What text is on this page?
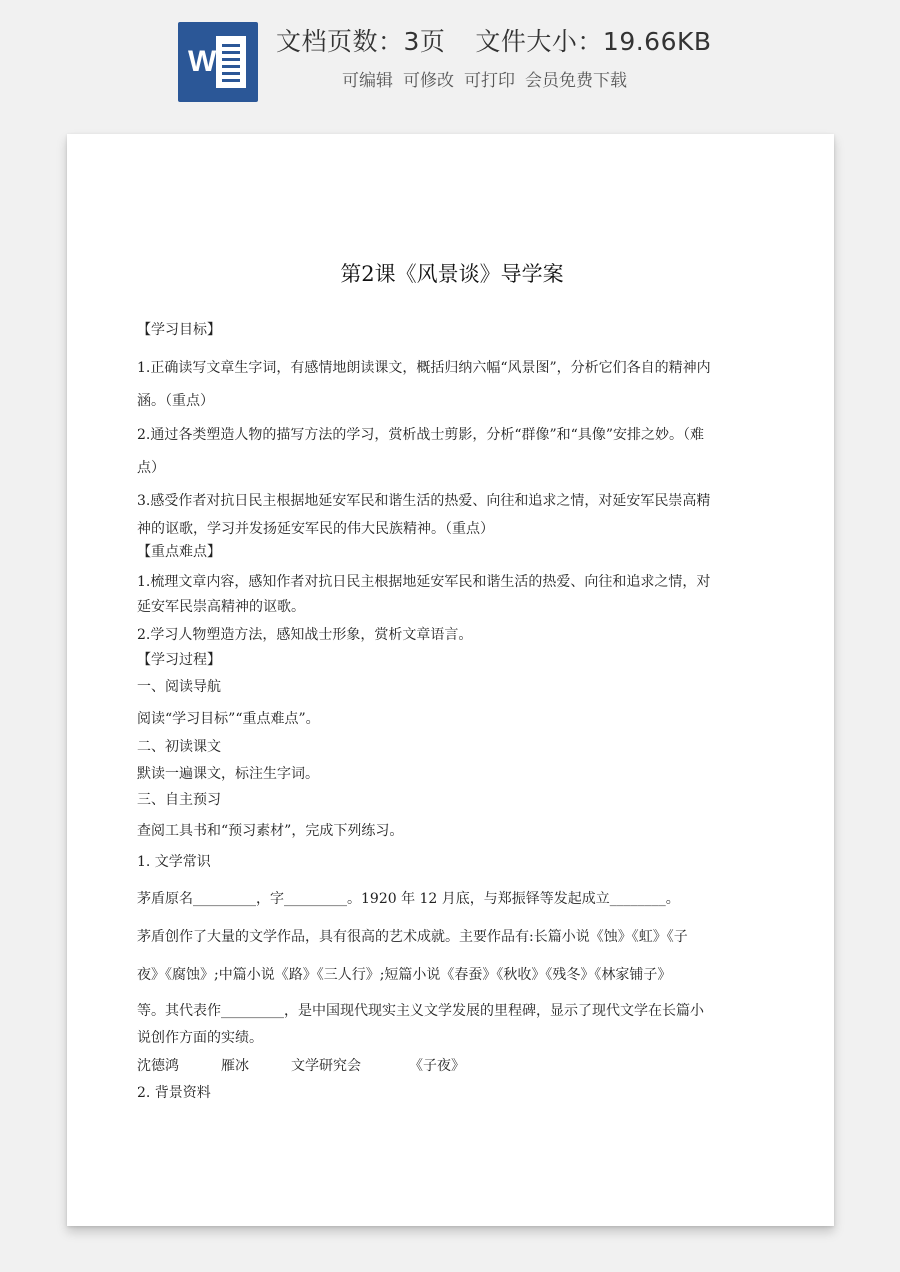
W
文档页数：3页 文件大小：19.66KB
可编辑 可修改 可打印 会员免费下载
第2课《风景谈》导学案
【学习目标】
1.正确读写文章生字词，有感情地朗读课文，概括归纳六幅“风景图”，分析它们各自的精神内
涵。（重点）
2.通过各类塑造人物的描写方法的学习，赏析战士剪影，分析“群像”和“具像”安排之妙。（难
点）
3.感受作者对抗日民主根据地延安军民和谐生活的热爱、向往和追求之情，对延安军民崇高精
神的讴歌，学习并发扬延安军民的伟大民族精神。（重点）
【重点难点】
1.梳理文章内容，感知作者对抗日民主根据地延安军民和谐生活的热爱、向往和追求之情，对
延安军民崇高精神的讴歌。
2.学习人物塑造方法，感知战士形象，赏析文章语言。
【学习过程】
一、阅读导航
阅读“学习目标”“重点难点”。
二、初读课文
默读一遍课文，标注生字词。
三、自主预习
查阅工具书和“预习素材”，完成下列练习。
1. 文学常识
茅盾原名_________，字_________。1920 年 12 月底，与郑振铎等发起成立________。
茅盾创作了大量的文学作品，具有很高的艺术成就。主要作品有:长篇小说《蚀》《虹》《子
夜》《腐蚀》;中篇小说《路》《三人行》;短篇小说《春蚕》《秋收》《残冬》《林家铺子》
等。其代表作_________，是中国现代现实主义文学发展的里程碑，显示了现代文学在长篇小
说创作方面的实绩。
沈德鸿	雁冰	文学研究会	《子夜》
2. 背景资料
